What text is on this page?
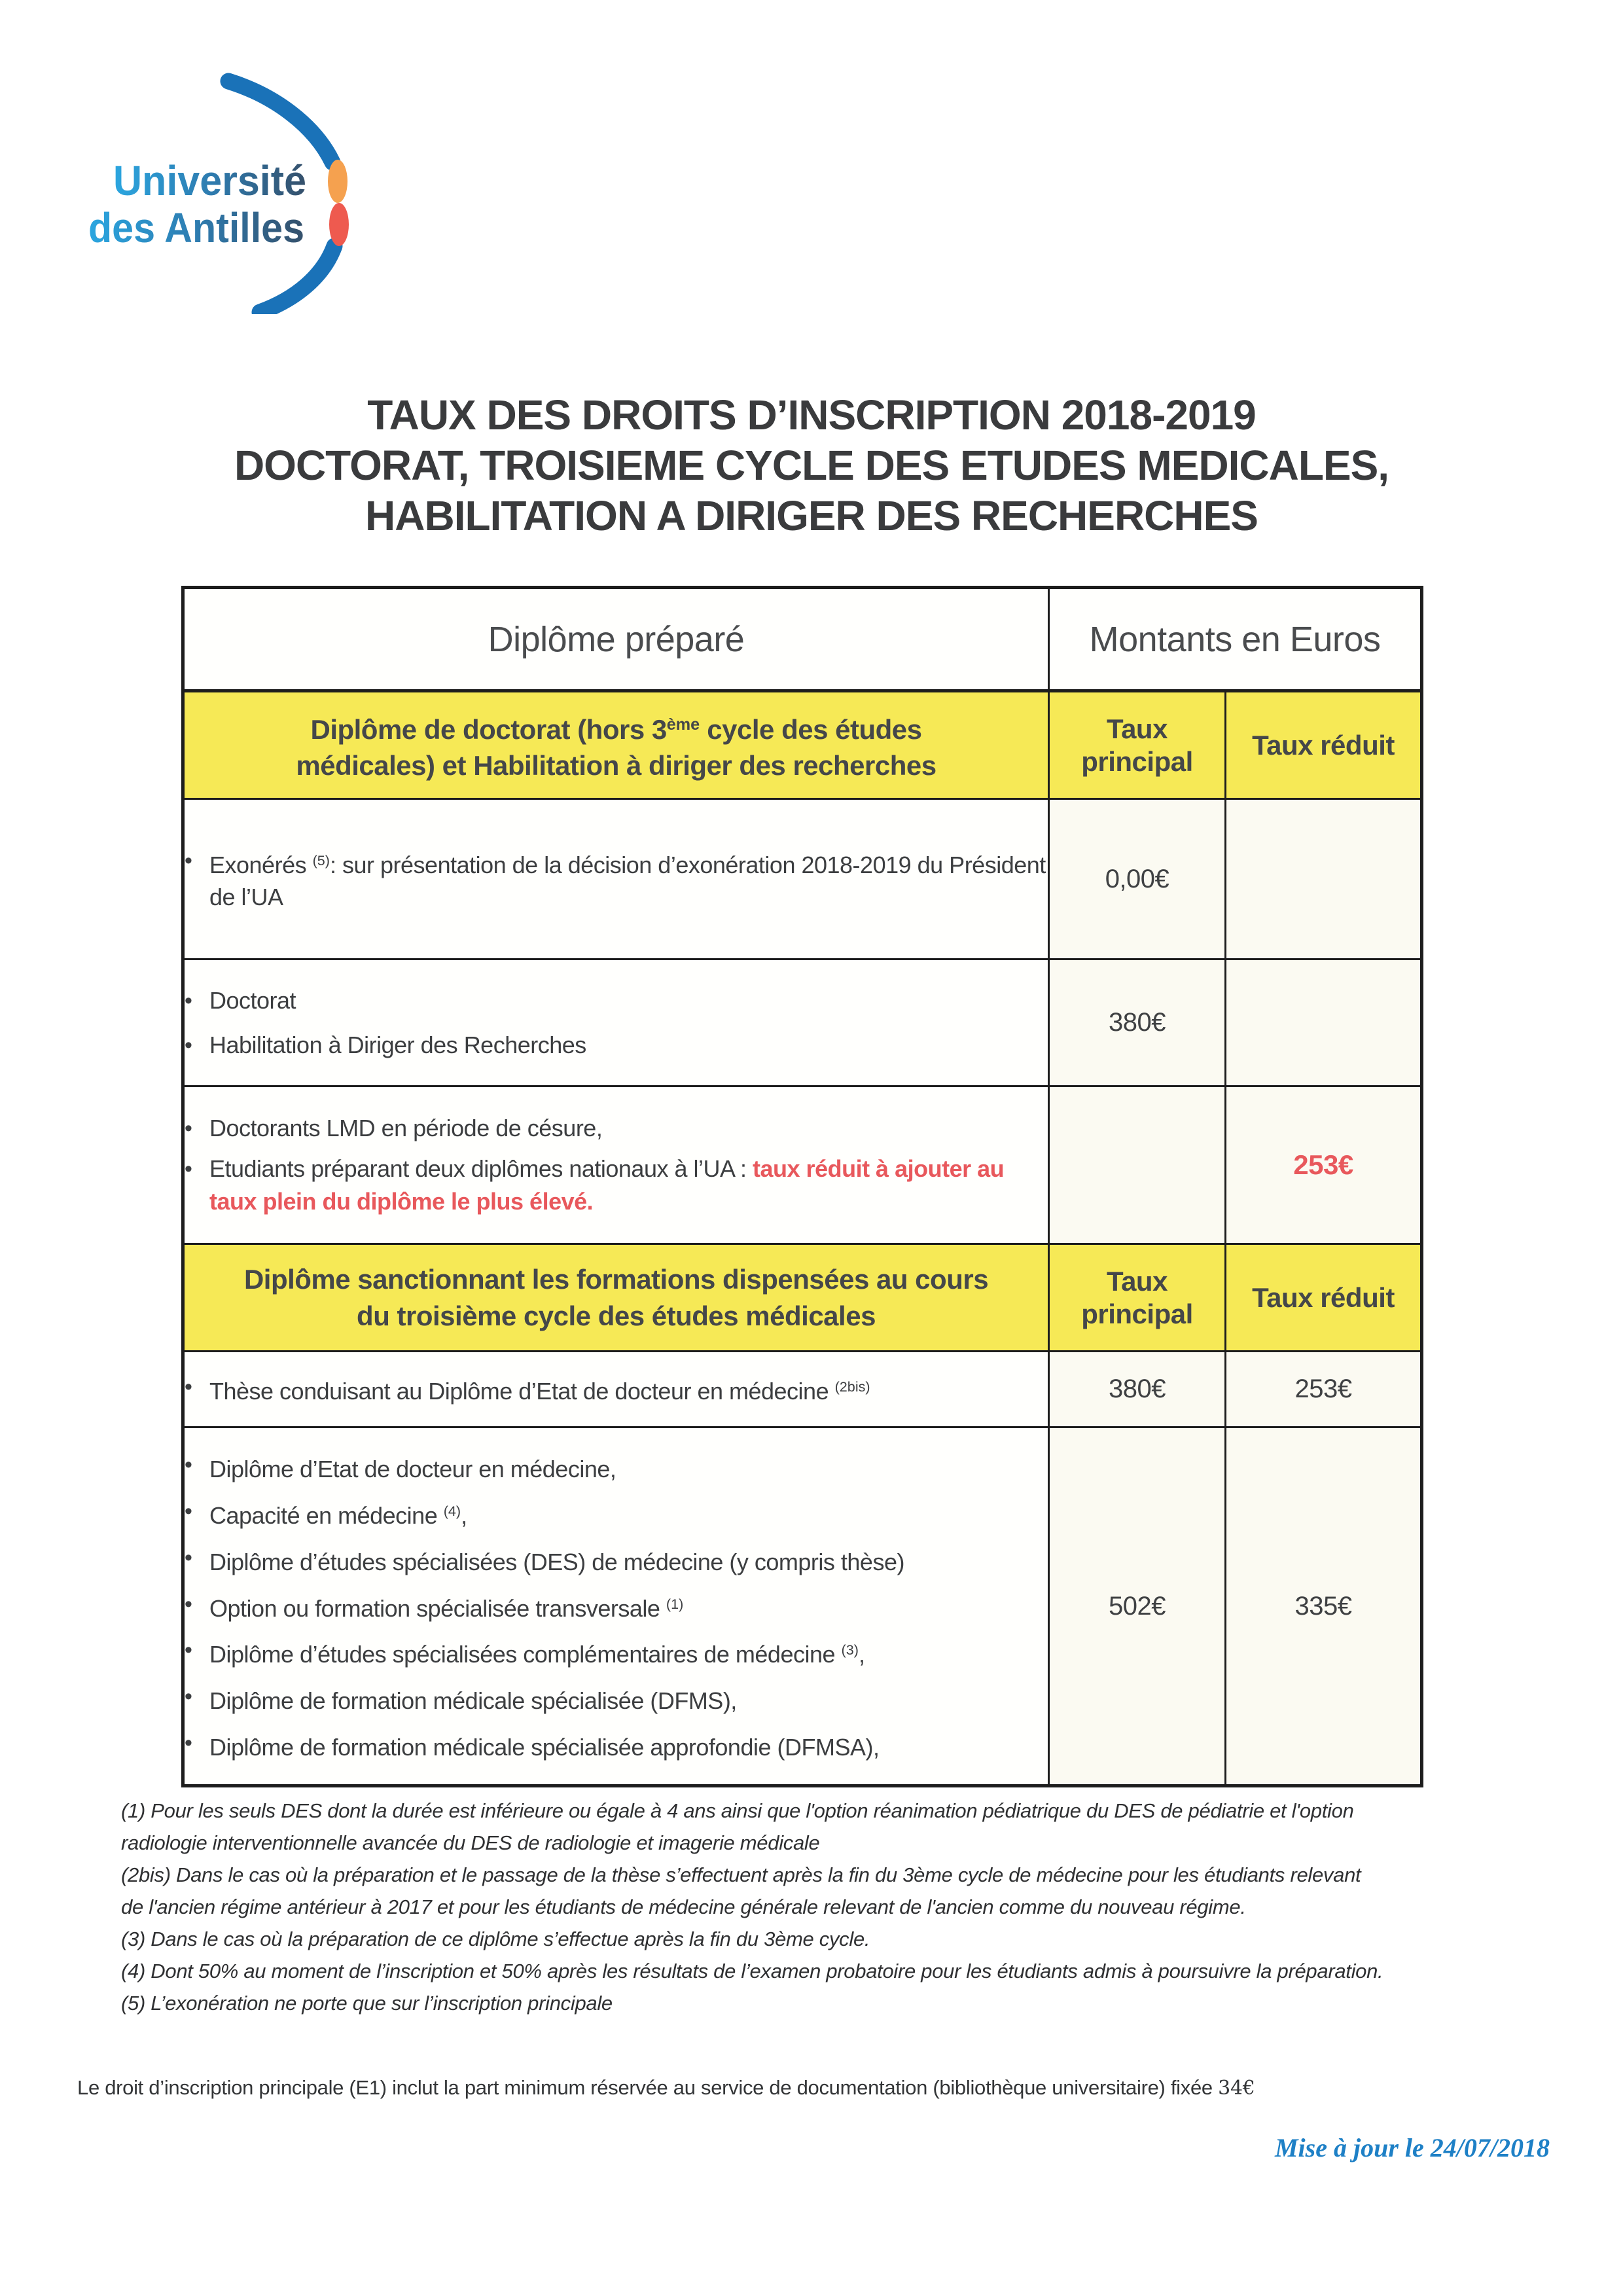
Université
des Antilles
TAUX DES DROITS D’INSCRIPTION 2018-2019
DOCTORAT, TROISIEME CYCLE DES ETUDES MEDICALES,
HABILITATION A DIRIGER DES RECHERCHES
Diplôme préparé	Montants en Euros	

Diplôme de doctorat (hors 3ème cycle des études médicales) et Habilitation à diriger des recherches	Taux principal	Taux réduit

• Exonérés $^{(5)}$: sur présentation de la décision d’exonération 2018-2019 du Président de l’UA	0,00€	

• Doctorat
• Habilitation à Diriger des Recherches	380€	

• Doctorants LMD en période de césure,
• Etudiants préparant deux diplômes nationaux à l’UA : taux réduit à ajouter au taux plein du diplôme le plus élevé.		253€

Diplôme sanctionnant les formations dispensées au cours du troisième cycle des études médicales	Taux principal	Taux réduit

• Thèse conduisant au Diplôme d’Etat de docteur en médecine $^{(2bis)}$	380€	253€

• Diplôme d’Etat de docteur en médecine,
• Capacité en médecine $^{(4)}$,
• Diplôme d’études spécialisées (DES) de médecine (y compris thèse)
• Option ou formation spécialisée transversale $^{(1)}$
• Diplôme d’études spécialisées complémentaires de médecine $^{(3)}$,
• Diplôme de formation médicale spécialisée (DFMS),
• Diplôme de formation médicale spécialisée approfondie (DFMSA),
	502€	335€
(1) Pour les seuls DES dont la durée est inférieure ou égale à 4 ans ainsi que l'option réanimation pédiatrique du DES de pédiatrie et l'option
radiologie interventionnelle avancée du DES de radiologie et imagerie médicale
(2bis) Dans le cas où la préparation et le passage de la thèse s’effectuent après la fin du 3ème cycle de médecine pour les étudiants relevant
de l'ancien régime antérieur à 2017 et pour les étudiants de médecine générale relevant de l'ancien comme du nouveau régime.
(3) Dans le cas où la préparation de ce diplôme s’effectue après la fin du 3ème cycle.
(4) Dont 50% au moment de l’inscription et 50% après les résultats de l’examen probatoire pour les étudiants admis à poursuivre la préparation.
(5) L’exonération ne porte que sur l’inscription principale
Le droit d’inscription principale (E1) inclut la part minimum réservée au service de documentation (bibliothèque universitaire) fixée 34€
Mise à jour le 24/07/2018
